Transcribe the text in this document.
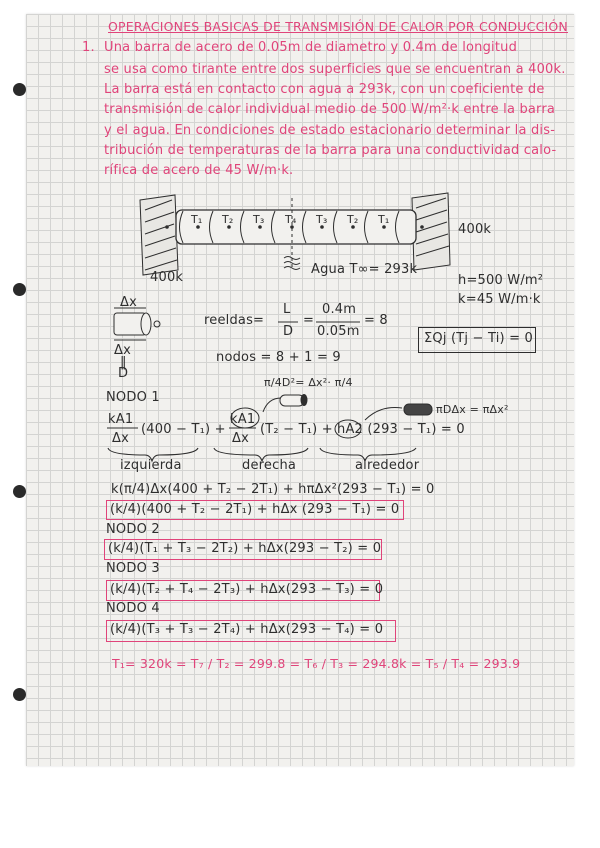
OPERACIONES BASICAS DE TRANSMISIÓN DE CALOR POR CONDUCCIÓN
1. Una barra de acero de 0.05m de diametro y 0.4m de longitud
se usa como tirante entre dos superficies que se encuentran a 400k.
La barra está en contacto con agua a 293k, con un coeficiente de
transmisión de calor individual medio de 500 W/m²·k entre la barra
y el agua. En condiciones de estado estacionario determinar la dis-
tribución de temperaturas de la barra para una conductividad calo-
rífica de acero de 45 W/m·k.
T₁ T₂ T₃ T₄ T₃ T₂ T₁
400k
400k
Agua T∞= 293k
h=500 W/m²
k=45 W/m·k
Δx
Δx
‖
D
reeldas=
L
D
=
0.4m
0.05m
= 8
ΣQj (Tj − Ti) = 0
nodos = 8 + 1 = 9
NODO 1
π/4D²= Δx²· π/4
πDΔx = πΔx²
kA1
Δx
(400 − T₁) +
kA1
Δx
(T₂ − T₁) + hA2 (293 − T₁) = 0
izquierda	derecha	alrededor
k(π/4)Δx(400 + T₂ − 2T₁) + hπΔx²(293 − T₁) = 0
(k/4)(400 + T₂ − 2T₁) + hΔx (293 − T₁) = 0
NODO 2
(k/4)(T₁ + T₃ − 2T₂) + hΔx(293 − T₂) = 0
NODO 3
(k/4)(T₂ + T₄ − 2T₃) + hΔx(293 − T₃) = 0
NODO 4
(k/4)(T₃ + T₃ − 2T₄) + hΔx(293 − T₄) = 0
T₁= 320k = T₇ / T₂ = 299.8 = T₆ / T₃ = 294.8k = T₅ / T₄ = 293.9
